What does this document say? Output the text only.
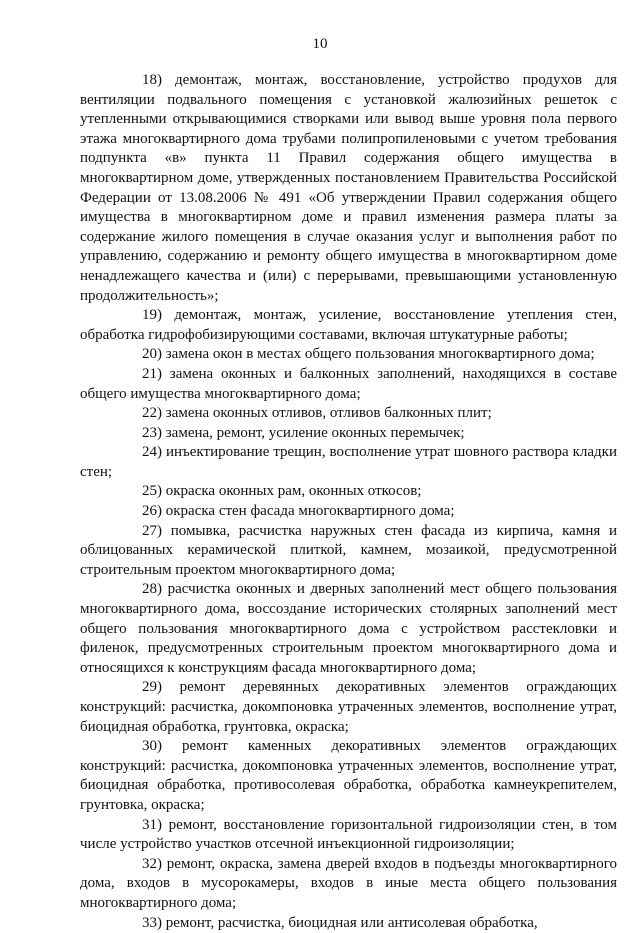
10

18) демонтаж, монтаж, восстановление, устройство продухов для вентиляции подвального помещения с установкой жалюзийных решеток с утепленными открывающимися створками или вывод выше уровня пола первого этажа многоквартирного дома трубами полипропиленовыми с учетом требования подпункта «в» пункта 11 Правил содержания общего имущества в многоквартирном доме, утвержденных постановлением Правительства Российской Федерации от 13.08.2006 № 491 «Об утверждении Правил содержания общего имущества в многоквартирном доме и правил изменения размера платы за содержание жилого помещения в случае оказания услуг и выполнения работ по управлению, содержанию и ремонту общего имущества в многоквартирном доме ненадлежащего качества и (или) с перерывами, превышающими установленную продолжительность»;

19) демонтаж, монтаж, усиление, восстановление утепления стен, обработка гидрофобизирующими составами, включая штукатурные работы;

20) замена окон в местах общего пользования многоквартирного дома;

21) замена оконных и балконных заполнений, находящихся в составе общего имущества многоквартирного дома;

22) замена оконных отливов, отливов балконных плит;

23) замена, ремонт, усиление оконных перемычек;

24) инъектирование трещин, восполнение утрат шовного раствора кладки стен;

25) окраска оконных рам, оконных откосов;

26) окраска стен фасада многоквартирного дома;

27) помывка, расчистка наружных стен фасада из кирпича, камня и облицованных керамической плиткой, камнем, мозаикой, предусмотренной строительным проектом многоквартирного дома;

28) расчистка оконных и дверных заполнений мест общего пользования многоквартирного дома, воссоздание исторических столярных заполнений мест общего пользования многоквартирного дома с устройством расстекловки и филенок, предусмотренных строительным проектом многоквартирного дома и относящихся к конструкциям фасада многоквартирного дома;

29) ремонт деревянных декоративных элементов ограждающих конструкций: расчистка, докомпоновка утраченных элементов, восполнение утрат, биоцидная обработка, грунтовка, окраска;

30) ремонт каменных декоративных элементов ограждающих конструкций: расчистка, докомпоновка утраченных элементов, восполнение утрат, биоцидная обработка, противосолевая обработка, обработка камнеукрепителем, грунтовка, окраска;

31) ремонт, восстановление горизонтальной гидроизоляции стен, в том числе устройство участков отсечной инъекционной гидроизоляции;

32) ремонт, окраска, замена дверей входов в подъезды многоквартирного дома, входов в мусорокамеры, входов в иные места общего пользования многоквартирного дома;

33) ремонт, расчистка, биоцидная или антисолевая обработка,
